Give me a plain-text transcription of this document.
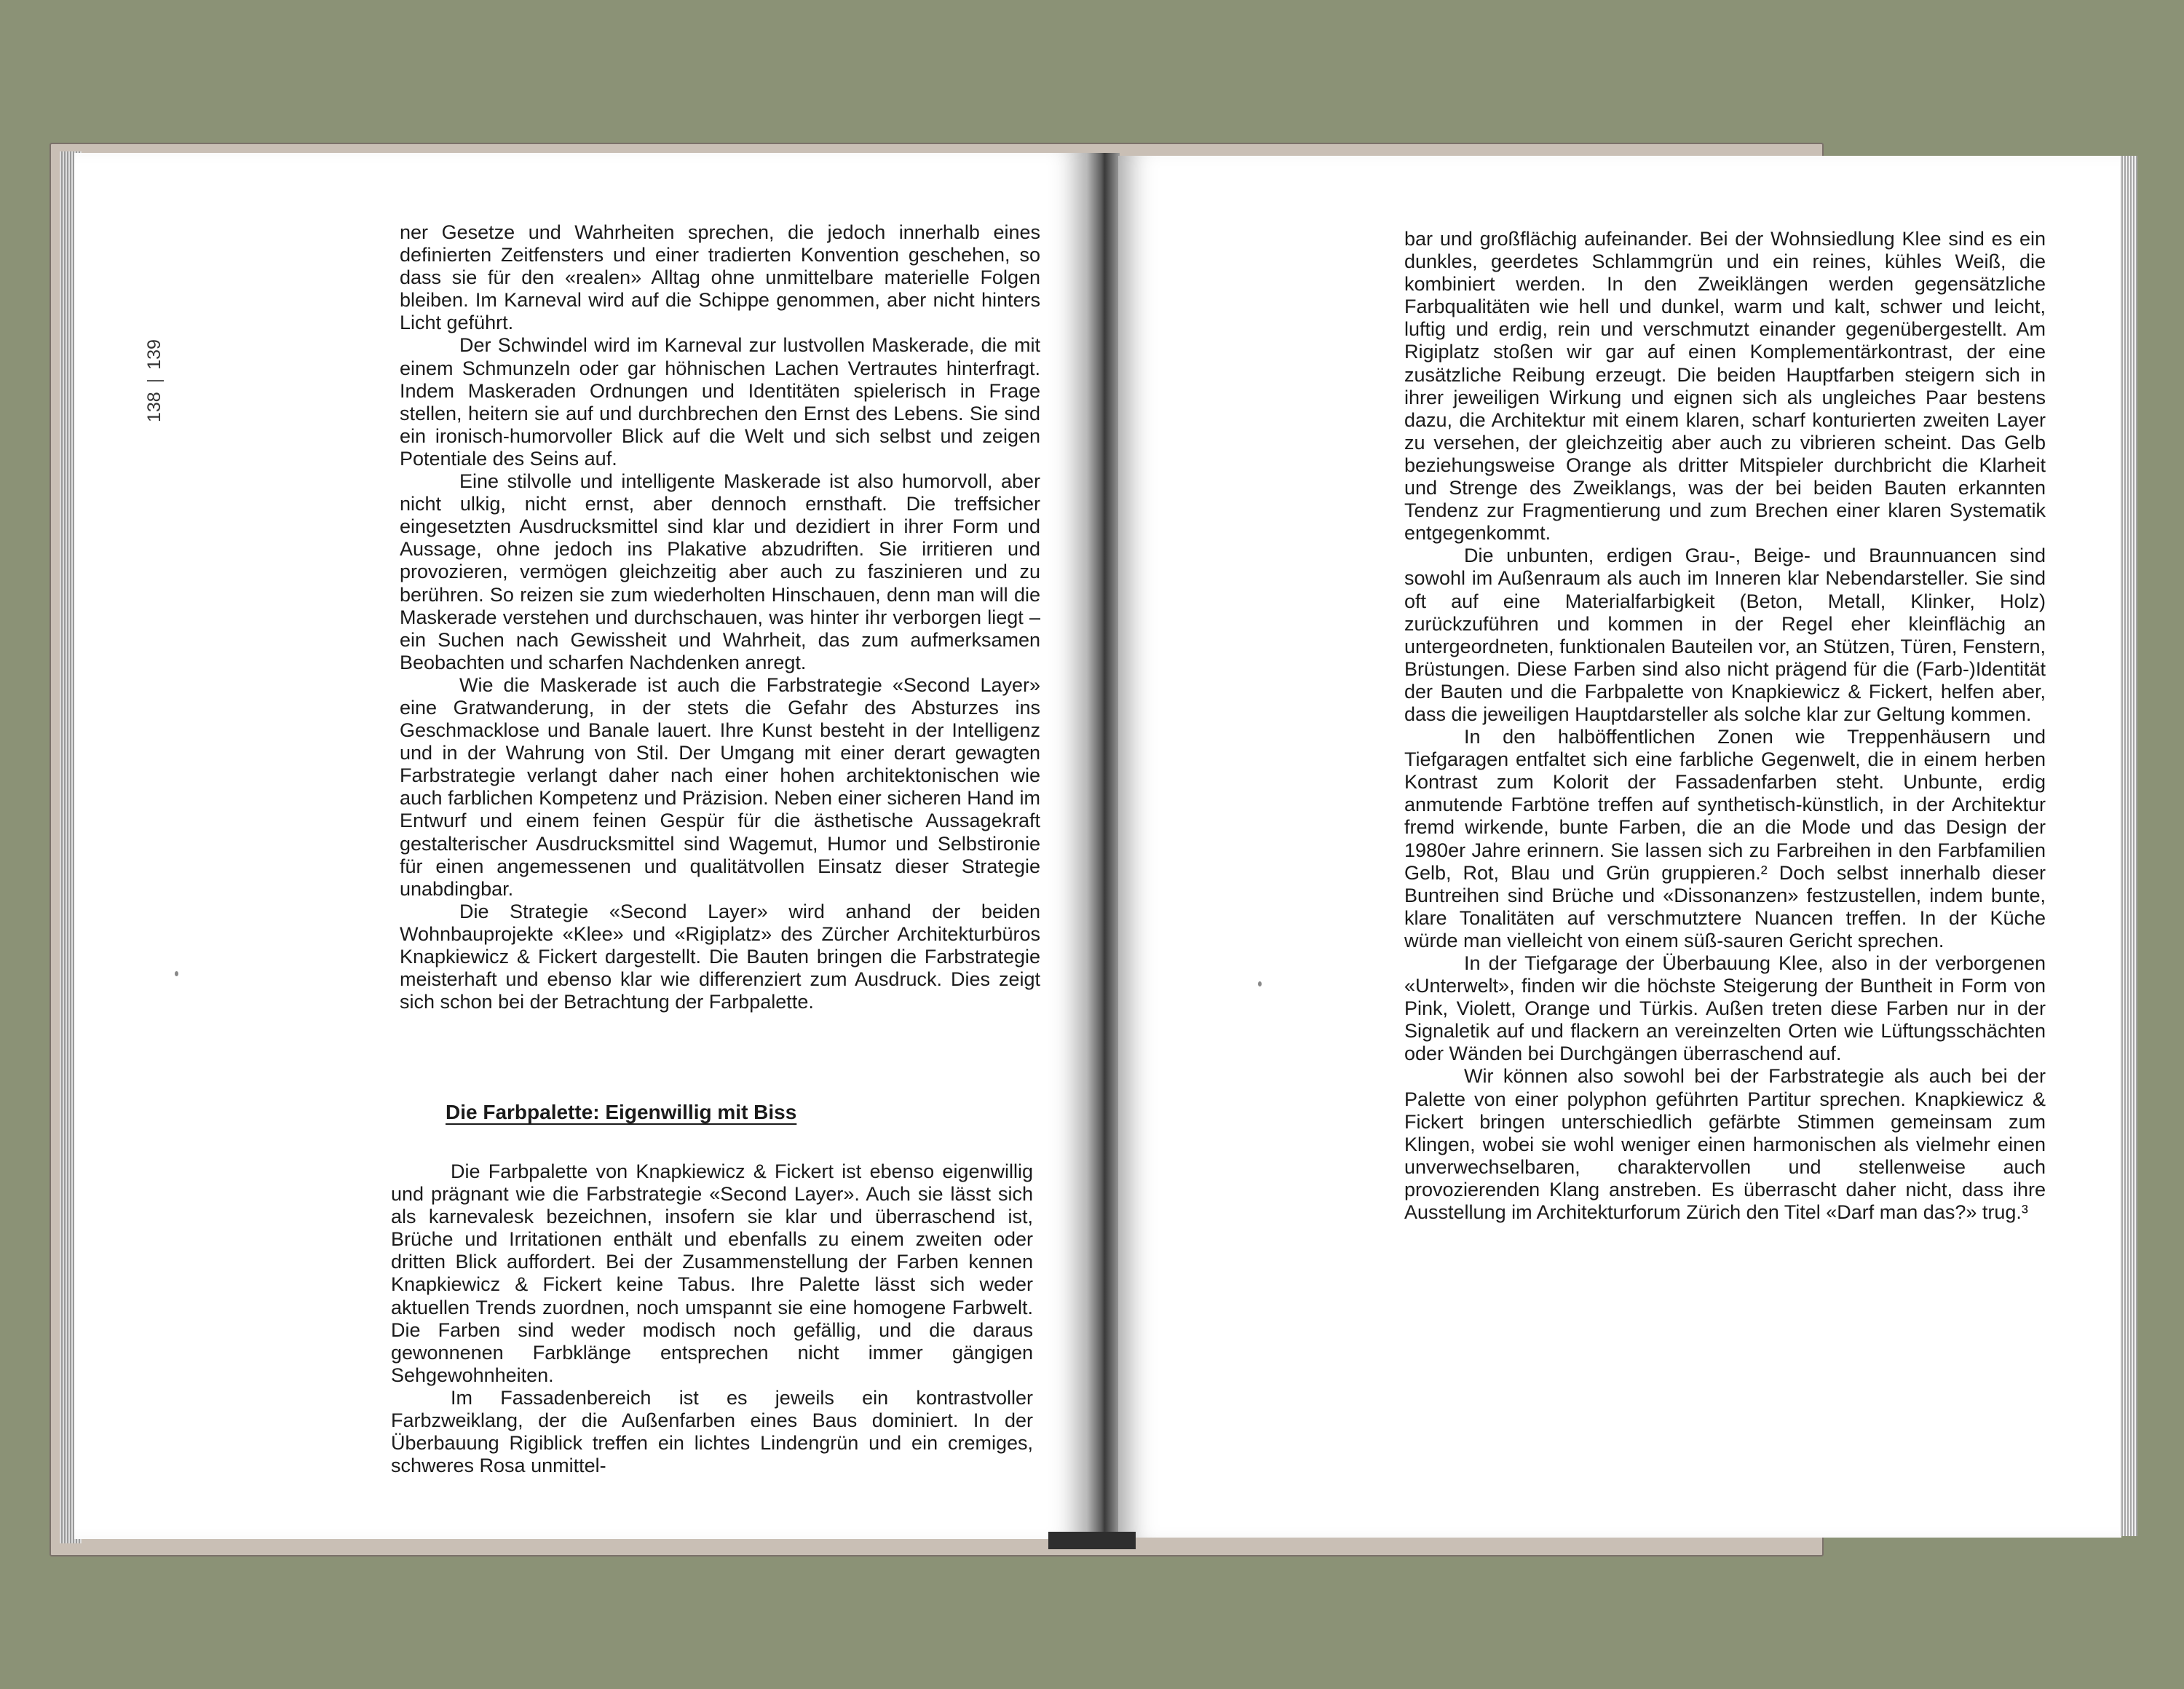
138|139

ner Gesetze und Wahrheiten sprechen, die jedoch innerhalb eines definierten Zeitfensters und einer tradierten Konvention geschehen, so dass sie für den «realen» Alltag ohne unmittelbare materielle Folgen bleiben. Im Karneval wird auf die Schippe genommen, aber nicht hinters Licht geführt.

Der Schwindel wird im Karneval zur lustvollen Maskerade, die mit einem Schmunzeln oder gar höhnischen Lachen Vertrautes hinterfragt. Indem Maskeraden Ordnungen und Identitäten spielerisch in Frage stellen, heitern sie auf und durchbrechen den Ernst des Lebens. Sie sind ein ironisch-humorvoller Blick auf die Welt und sich selbst und zeigen Potentiale des Seins auf.

Eine stilvolle und intelligente Maskerade ist also humorvoll, aber nicht ulkig, nicht ernst, aber dennoch ernsthaft. Die treffsicher eingesetzten Ausdrucksmittel sind klar und dezidiert in ihrer Form und Aussage, ohne jedoch ins Plakative abzudriften. Sie irritieren und provozieren, vermögen gleichzeitig aber auch zu faszinieren und zu berühren. So reizen sie zum wiederholten Hinschauen, denn man will die Maskerade verstehen und durchschauen, was hinter ihr verborgen liegt – ein Suchen nach Gewissheit und Wahrheit, das zum aufmerksamen Beobachten und scharfen Nachdenken anregt.

Wie die Maskerade ist auch die Farbstrategie «Second Layer» eine Gratwanderung, in der stets die Gefahr des Absturzes ins Geschmacklose und Banale lauert. Ihre Kunst besteht in der Intelligenz und in der Wahrung von Stil. Der Umgang mit einer derart gewagten Farbstrategie verlangt daher nach einer hohen architektonischen wie auch farblichen Kompetenz und Präzision. Neben einer sicheren Hand im Entwurf und einem feinen Gespür für die ästhetische Aussagekraft gestalterischer Ausdrucksmittel sind Wagemut, Humor und Selbstironie für einen angemessenen und qualitätvollen Einsatz dieser Strategie unabdingbar.

Die Strategie «Second Layer» wird anhand der beiden Wohnbauprojekte «Klee» und «Rigiplatz» des Zürcher Architekturbüros Knapkiewicz & Fickert dargestellt. Die Bauten bringen die Farbstrategie meisterhaft und ebenso klar wie differenziert zum Ausdruck. Dies zeigt sich schon bei der Betrachtung der Farbpalette.

Die Farbpalette: Eigenwillig mit Biss

Die Farbpalette von Knapkiewicz & Fickert ist ebenso eigenwillig und prägnant wie die Farbstrategie «Second Layer». Auch sie lässt sich als karnevalesk bezeichnen, insofern sie klar und überraschend ist, Brüche und Irritationen enthält und ebenfalls zu einem zweiten oder dritten Blick auffordert. Bei der Zusammenstellung der Farben kennen Knapkiewicz & Fickert keine Tabus. Ihre Palette lässt sich weder aktuellen Trends zuordnen, noch umspannt sie eine homogene Farbwelt. Die Farben sind weder modisch noch gefällig, und die daraus gewonnenen Farbklänge entsprechen nicht immer gängigen Sehgewohnheiten.

Im Fassadenbereich ist es jeweils ein kontrastvoller Farbzweiklang, der die Außenfarben eines Baus dominiert. In der Überbauung Rigiblick treffen ein lichtes Lindengrün und ein cremiges, schweres Rosa unmittel-

bar und großflächig aufeinander. Bei der Wohnsiedlung Klee sind es ein dunkles, geerdetes Schlammgrün und ein reines, kühles Weiß, die kombiniert werden. In den Zweiklängen werden gegensätzliche Farbqualitäten wie hell und dunkel, warm und kalt, schwer und leicht, luftig und erdig, rein und verschmutzt einander gegenübergestellt. Am Rigiplatz stoßen wir gar auf einen Komplementärkontrast, der eine zusätzliche Reibung erzeugt. Die beiden Hauptfarben steigern sich in ihrer jeweiligen Wirkung und eignen sich als ungleiches Paar bestens dazu, die Architektur mit einem klaren, scharf konturierten zweiten Layer zu versehen, der gleichzeitig aber auch zu vibrieren scheint. Das Gelb beziehungsweise Orange als dritter Mitspieler durchbricht die Klarheit und Strenge des Zweiklangs, was der bei beiden Bauten erkannten Tendenz zur Fragmentierung und zum Brechen einer klaren Systematik entgegenkommt.

Die unbunten, erdigen Grau-, Beige- und Braunnuancen sind sowohl im Außenraum als auch im Inneren klar Nebendarsteller. Sie sind oft auf eine Materialfarbigkeit (Beton, Metall, Klinker, Holz) zurückzuführen und kommen in der Regel eher kleinflächig an untergeordneten, funktionalen Bauteilen vor, an Stützen, Türen, Fenstern, Brüstungen. Diese Farben sind also nicht prägend für die (Farb-)Identität der Bauten und die Farbpalette von Knapkiewicz & Fickert, helfen aber, dass die jeweiligen Hauptdarsteller als solche klar zur Geltung kommen.

In den halböffentlichen Zonen wie Treppenhäusern und Tiefgaragen entfaltet sich eine farbliche Gegenwelt, die in einem herben Kontrast zum Kolorit der Fassadenfarben steht. Unbunte, erdig anmutende Farbtöne treffen auf synthetisch-künstlich, in der Architektur fremd wirkende, bunte Farben, die an die Mode und das Design der 1980er Jahre erinnern. Sie lassen sich zu Farbreihen in den Farbfamilien Gelb, Rot, Blau und Grün gruppieren.² Doch selbst innerhalb dieser Buntreihen sind Brüche und «Dissonanzen» festzustellen, indem bunte, klare Tonalitäten auf verschmutztere Nuancen treffen. In der Küche würde man vielleicht von einem süß-sauren Gericht sprechen.

In der Tiefgarage der Überbauung Klee, also in der verborgenen «Unterwelt», finden wir die höchste Steigerung der Buntheit in Form von Pink, Violett, Orange und Türkis. Außen treten diese Farben nur in der Signaletik auf und flackern an vereinzelten Orten wie Lüftungsschächten oder Wänden bei Durchgängen überraschend auf.

Wir können also sowohl bei der Farbstrategie als auch bei der Palette von einer polyphon geführten Partitur sprechen. Knapkiewicz & Fickert bringen unterschiedlich gefärbte Stimmen gemeinsam zum Klingen, wobei sie wohl weniger einen harmonischen als vielmehr einen unverwechselbaren, charaktervollen und stellenweise auch provozierenden Klang anstreben. Es überrascht daher nicht, dass ihre Ausstellung im Architekturforum Zürich den Titel «Darf man das?» trug.³
